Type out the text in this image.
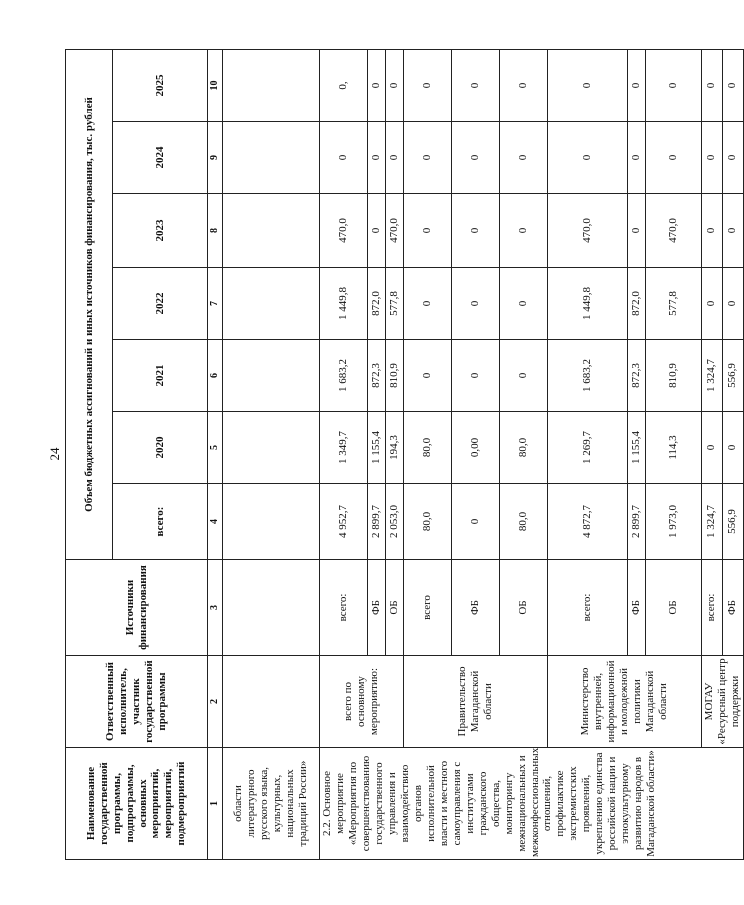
24
Наименование государственной программы, подпрограммы, основных мероприятий, мероприятий, подмероприятий	Ответственный исполнитель, участник государственной программы	Источники финансирования	Объем бюджетных ассигнований и иных источников финансирования, тыс. рублей						
			всего:	2020	2021	2022	2023	2024	2025
1	2	3	4	5	6	7	8	9	10
области литературного русского языка, культурных, национальных традиций России»									
2.2. Основное мероприятие «Мероприятия по совершенствованию государственного управления и взаимодействию органов исполнительной власти и местного самоуправления с институтами гражданского общества, мониторингу межнациональных и межконфессиональных отношений, профилактике экстремистских проявлений, укреплению единства российской нации и этнокультурному развитию народов в Магаданской области»	всего по основному мероприятию:	всего:	4 952,7	1 349,7	1 683,2	1 449,8	470,0	0	0,
		ФБ	2 899,7	1 155,4	872,3	872,0	0	0	0
		ОБ	2 053,0	194,3	810,9	577,8	470,0	0	0
	Правительство Магаданской области	всего	80,0	80,0	0	0	0	0	0
		ФБ	0	0,00	0	0	0	0	0
		ОБ	80,0	80,0	0	0	0	0	0
	Министерство внутренней, информационной и молодежной политики Магаданской области	всего:	4 872,7	1 269,7	1 683,2	1 449,8	470,0	0	0
		ФБ	2 899,7	1 155,4	872,3	872,0	0	0	0
		ОБ	1 973,0	114,3	810,9	577,8	470,0	0	0
	МОГАУ «Ресурсный центр поддержки	всего:	1 324,7	0	1 324,7	0	0	0	0
		ФБ	556,9	0	556,9	0	0	0	0
